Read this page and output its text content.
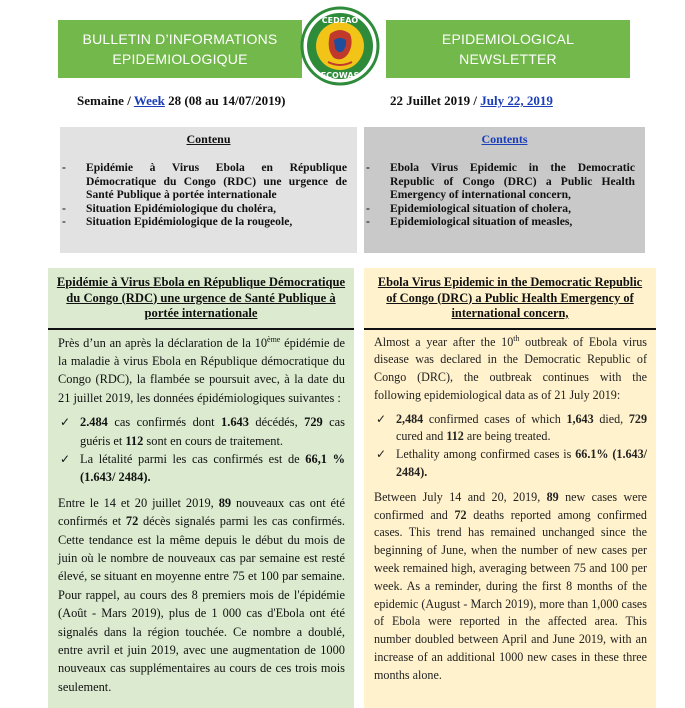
BULLETIN D’INFORMATIONS
EPIDEMIOLOGIQUE
CEDEAO
ECOWAS
EPIDEMIOLOGICAL
NEWSLETTER
Semaine / Week 28 (08 au 14/07/2019)	22 Juillet 2019 / July 22, 2019
Contenu
- Epidémie à Virus Ebola en République Démocratique du Congo (RDC) une urgence de Santé Publique à portée internationale
- Situation Epidémiologique du choléra,
- Situation Epidémiologique de la rougeole,
Contents
- Ebola Virus Epidemic in the Democratic Republic of Congo (DRC) a Public Health Emergency of international concern,
- Epidemiological situation of cholera,
- Epidemiological situation of measles,
Epidémie à Virus Ebola en République Démocratique du Congo (RDC) une urgence de Santé Publique à portée internationale

Près d’un an après la déclaration de la 10ème épidémie de la maladie à virus Ebola en République démocratique du Congo (RDC), la flambée se poursuit avec, à la date du 21 juillet 2019, les données épidémiologiques suivantes :

✓ 2.484 cas confirmés dont 1.643 décédés, 729 cas guéris et 112 sont en cours de traitement.
✓ La létalité parmi les cas confirmés est de 66,1 % (1.643/ 2484).

Entre le 14 et 20 juillet 2019, 89 nouveaux cas ont été confirmés et 72 décès signalés parmi les cas confirmés. Cette tendance est la même depuis le début du mois de juin où le nombre de nouveaux cas par semaine est resté élevé, se situant en moyenne entre 75 et 100 par semaine. Pour rappel, au cours des 8 premiers mois de l'épidémie (Août - Mars 2019), plus de 1 000 cas d'Ebola ont été signalés dans la région touchée. Ce nombre a doublé, entre avril et juin 2019, avec une augmentation de 1000 nouveaux cas supplémentaires au cours de ces trois mois seulement.

Ebola Virus Epidemic in the Democratic Republic of Congo (DRC) a Public Health Emergency of international concern,

Almost a year after the 10th outbreak of Ebola virus disease was declared in the Democratic Republic of Congo (DRC), the outbreak continues with the following epidemiological data as of 21 July 2019:

✓ 2,484 confirmed cases of which 1,643 died, 729 cured and 112 are being treated.
✓ Lethality among confirmed cases is 66.1% (1.643/ 2484).

Between July 14 and 20, 2019, 89 new cases were confirmed and 72 deaths reported among confirmed cases. This trend has remained unchanged since the beginning of June, when the number of new cases per week remained high, averaging between 75 and 100 per week. As a reminder, during the first 8 months of the epidemic (August - March 2019), more than 1,000 cases of Ebola were reported in the affected area. This number doubled between April and June 2019, with an increase of an additional 1000 new cases in these three months alone.
